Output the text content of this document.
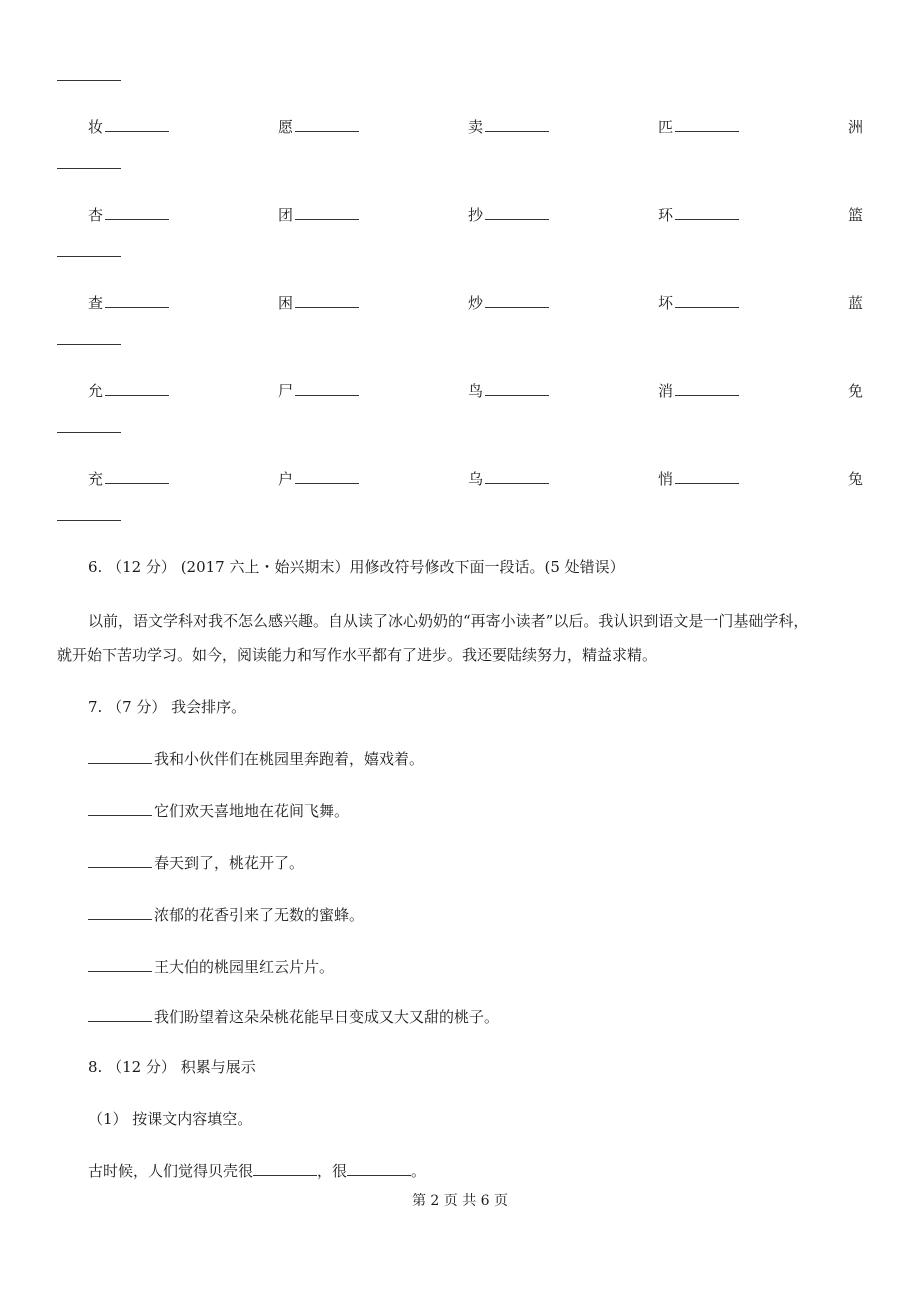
妆	愿	卖	匹	洲
杏	团	抄	环	篮
查	困	炒	坏	蓝
允	尸	鸟	消	免
充	户	乌	悄	兔
6. （12 分） (2017 六上・始兴期末）用修改符号修改下面一段话。(5 处错误）
以前，语文学科对我不怎么感兴趣。自从读了冰心奶奶的“再寄小读者”以后。我认识到语文是一门基础学科，
就开始下苦功学习。如今，阅读能力和写作水平都有了进步。我还要陆续努力，精益求精。
7. （7 分） 我会排序。
我和小伙伴们在桃园里奔跑着，嬉戏着。
它们欢天喜地地在花间飞舞。
春天到了，桃花开了。
浓郁的花香引来了无数的蜜蜂。
王大伯的桃园里红云片片。
我们盼望着这朵朵桃花能早日变成又大又甜的桃子。
8. （12 分） 积累与展示
（1） 按课文内容填空。
古时候，人们觉得贝壳很	，很	。
第 2 页 共 6 页
